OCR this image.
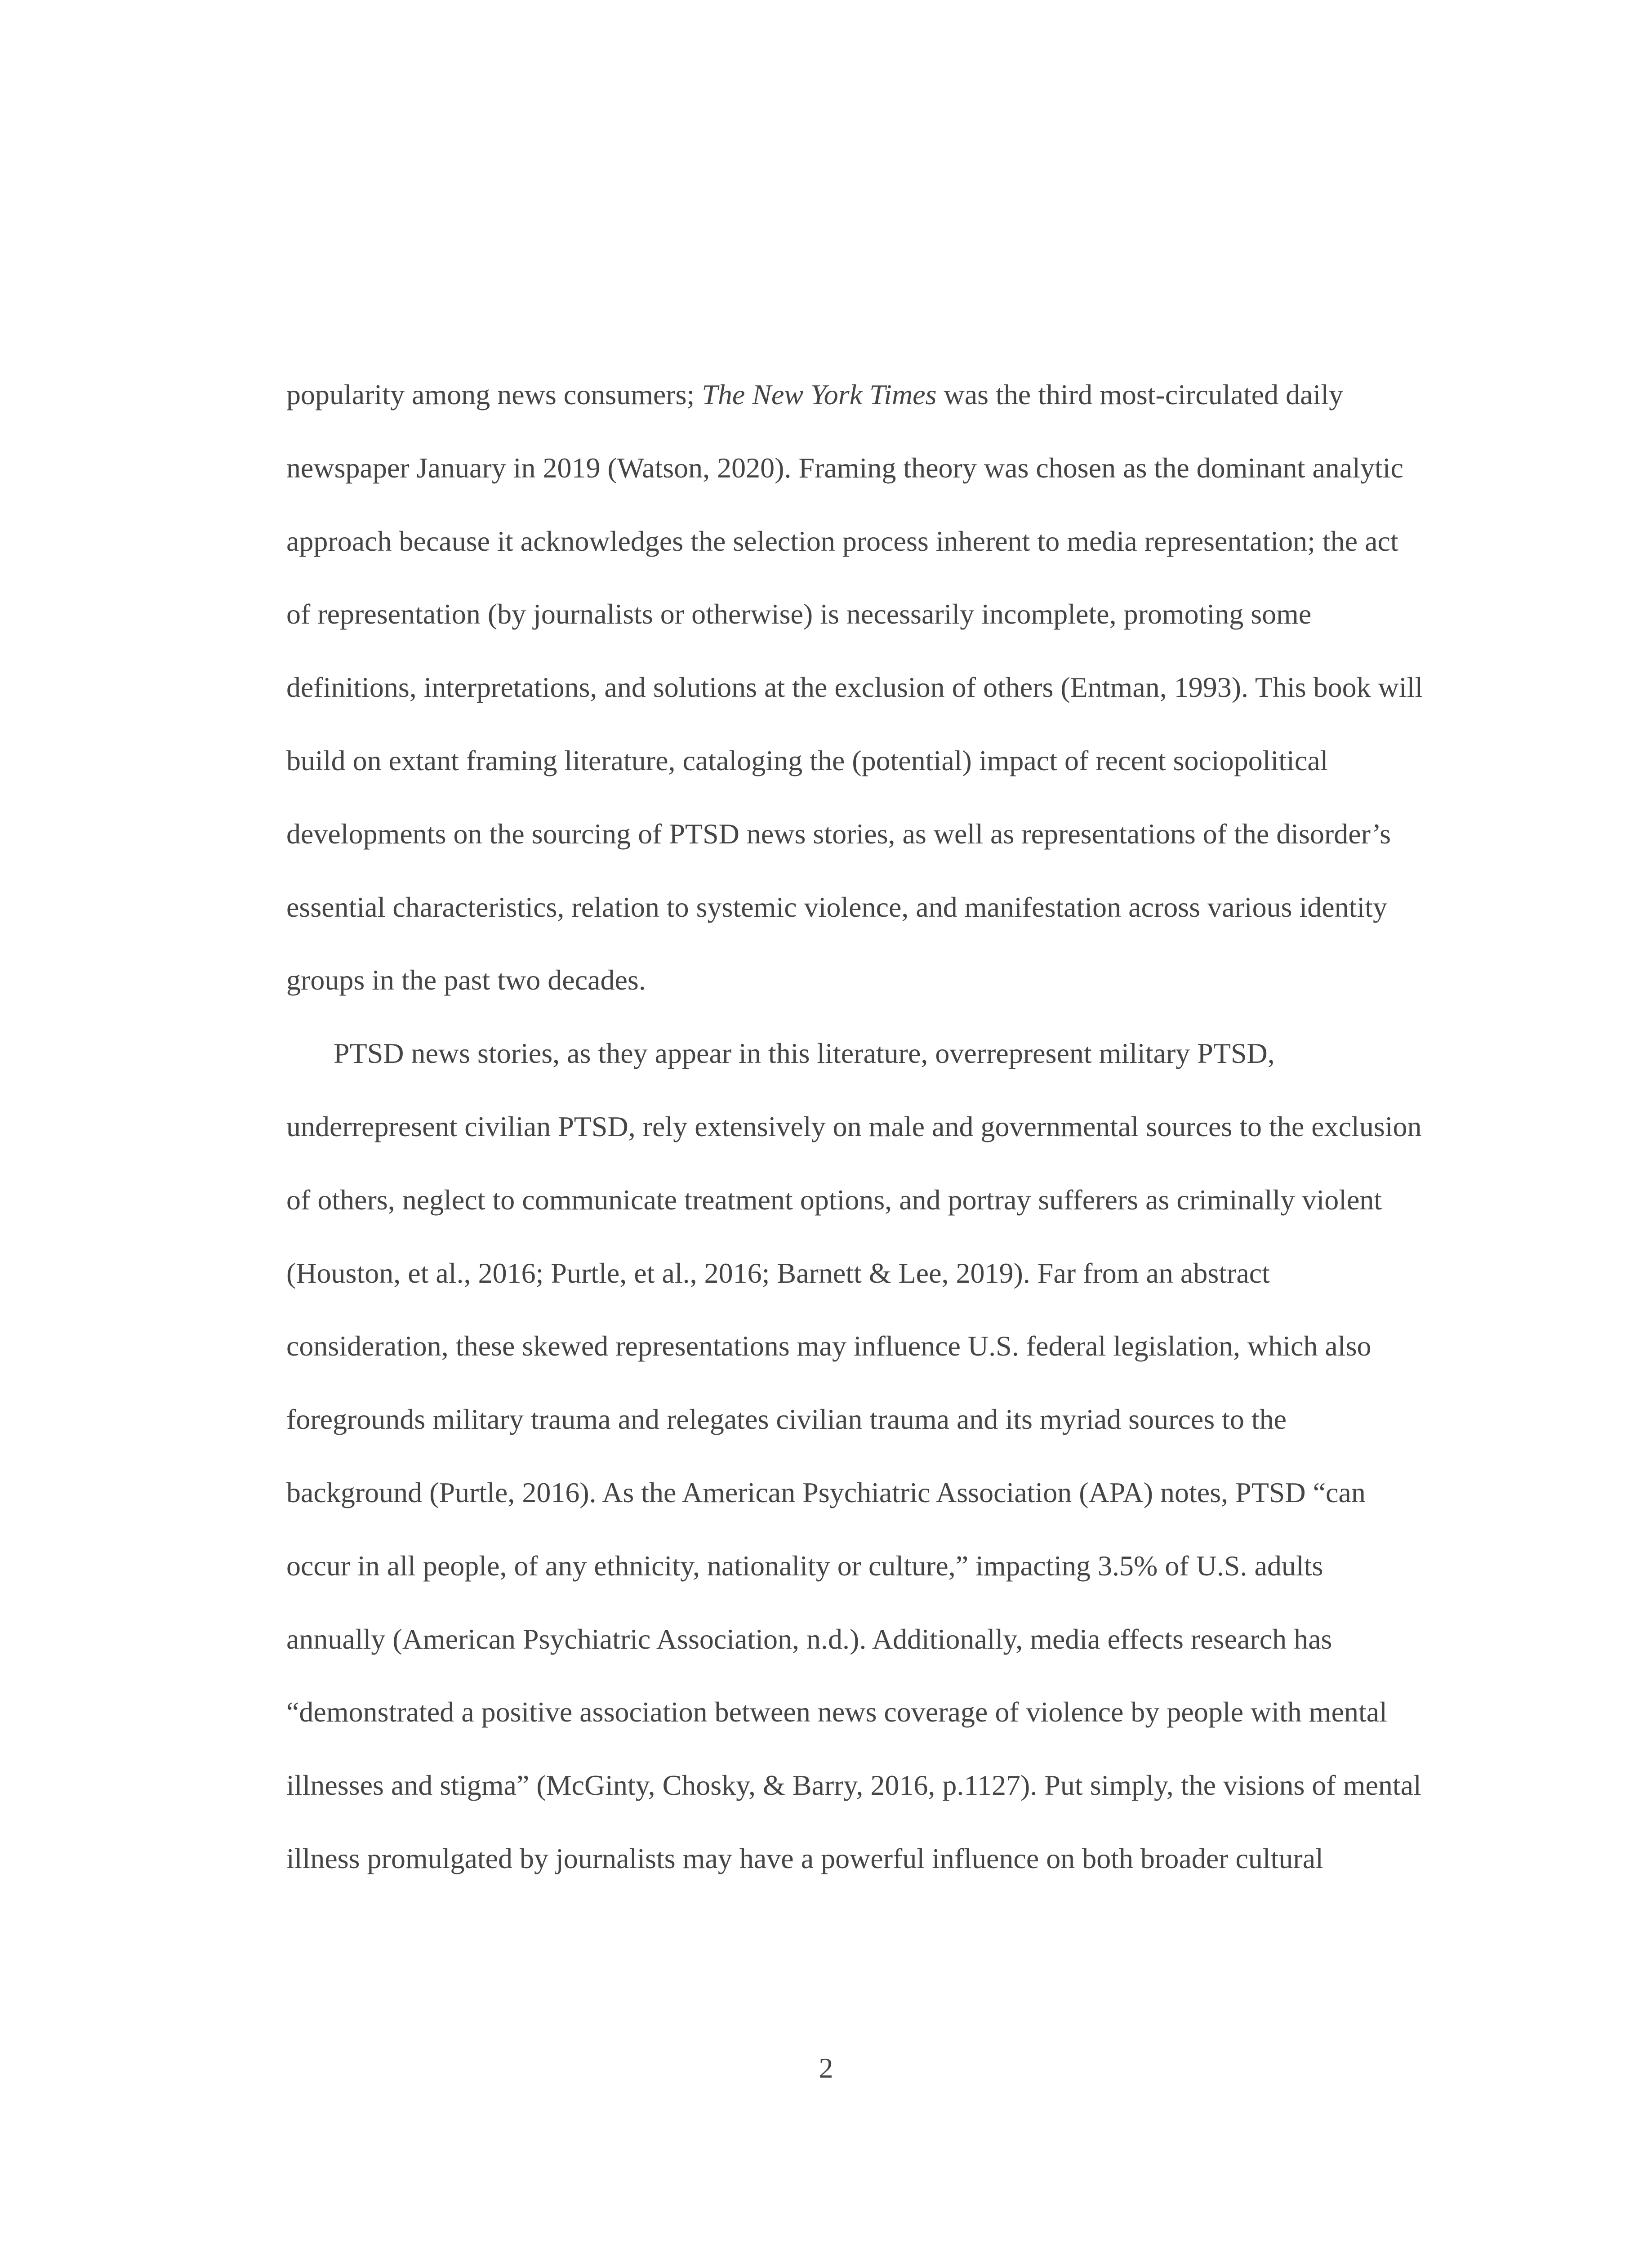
popularity among news consumers; The New York Times was the third most-circulated daily newspaper January in 2019 (Watson, 2020). Framing theory was chosen as the dominant analytic approach because it acknowledges the selection process inherent to media representation; the act of representation (by journalists or otherwise) is necessarily incomplete, promoting some definitions, interpretations, and solutions at the exclusion of others (Entman, 1993). This book will build on extant framing literature, cataloging the (potential) impact of recent sociopolitical developments on the sourcing of PTSD news stories, as well as representations of the disorder’s essential characteristics, relation to systemic violence, and manifestation across various identity groups in the past two decades.

PTSD news stories, as they appear in this literature, overrepresent military PTSD, underrepresent civilian PTSD, rely extensively on male and governmental sources to the exclusion of others, neglect to communicate treatment options, and portray sufferers as criminally violent (Houston, et al., 2016; Purtle, et al., 2016; Barnett & Lee, 2019). Far from an abstract consideration, these skewed representations may influence U.S. federal legislation, which also foregrounds military trauma and relegates civilian trauma and its myriad sources to the background (Purtle, 2016). As the American Psychiatric Association (APA) notes, PTSD “can occur in all people, of any ethnicity, nationality or culture,” impacting 3.5% of U.S. adults annually (American Psychiatric Association, n.d.). Additionally, media effects research has “demonstrated a positive association between news coverage of violence by people with mental illnesses and stigma” (McGinty, Chosky, & Barry, 2016, p.1127). Put simply, the visions of mental illness promulgated by journalists may have a powerful influence on both broader cultural

2
